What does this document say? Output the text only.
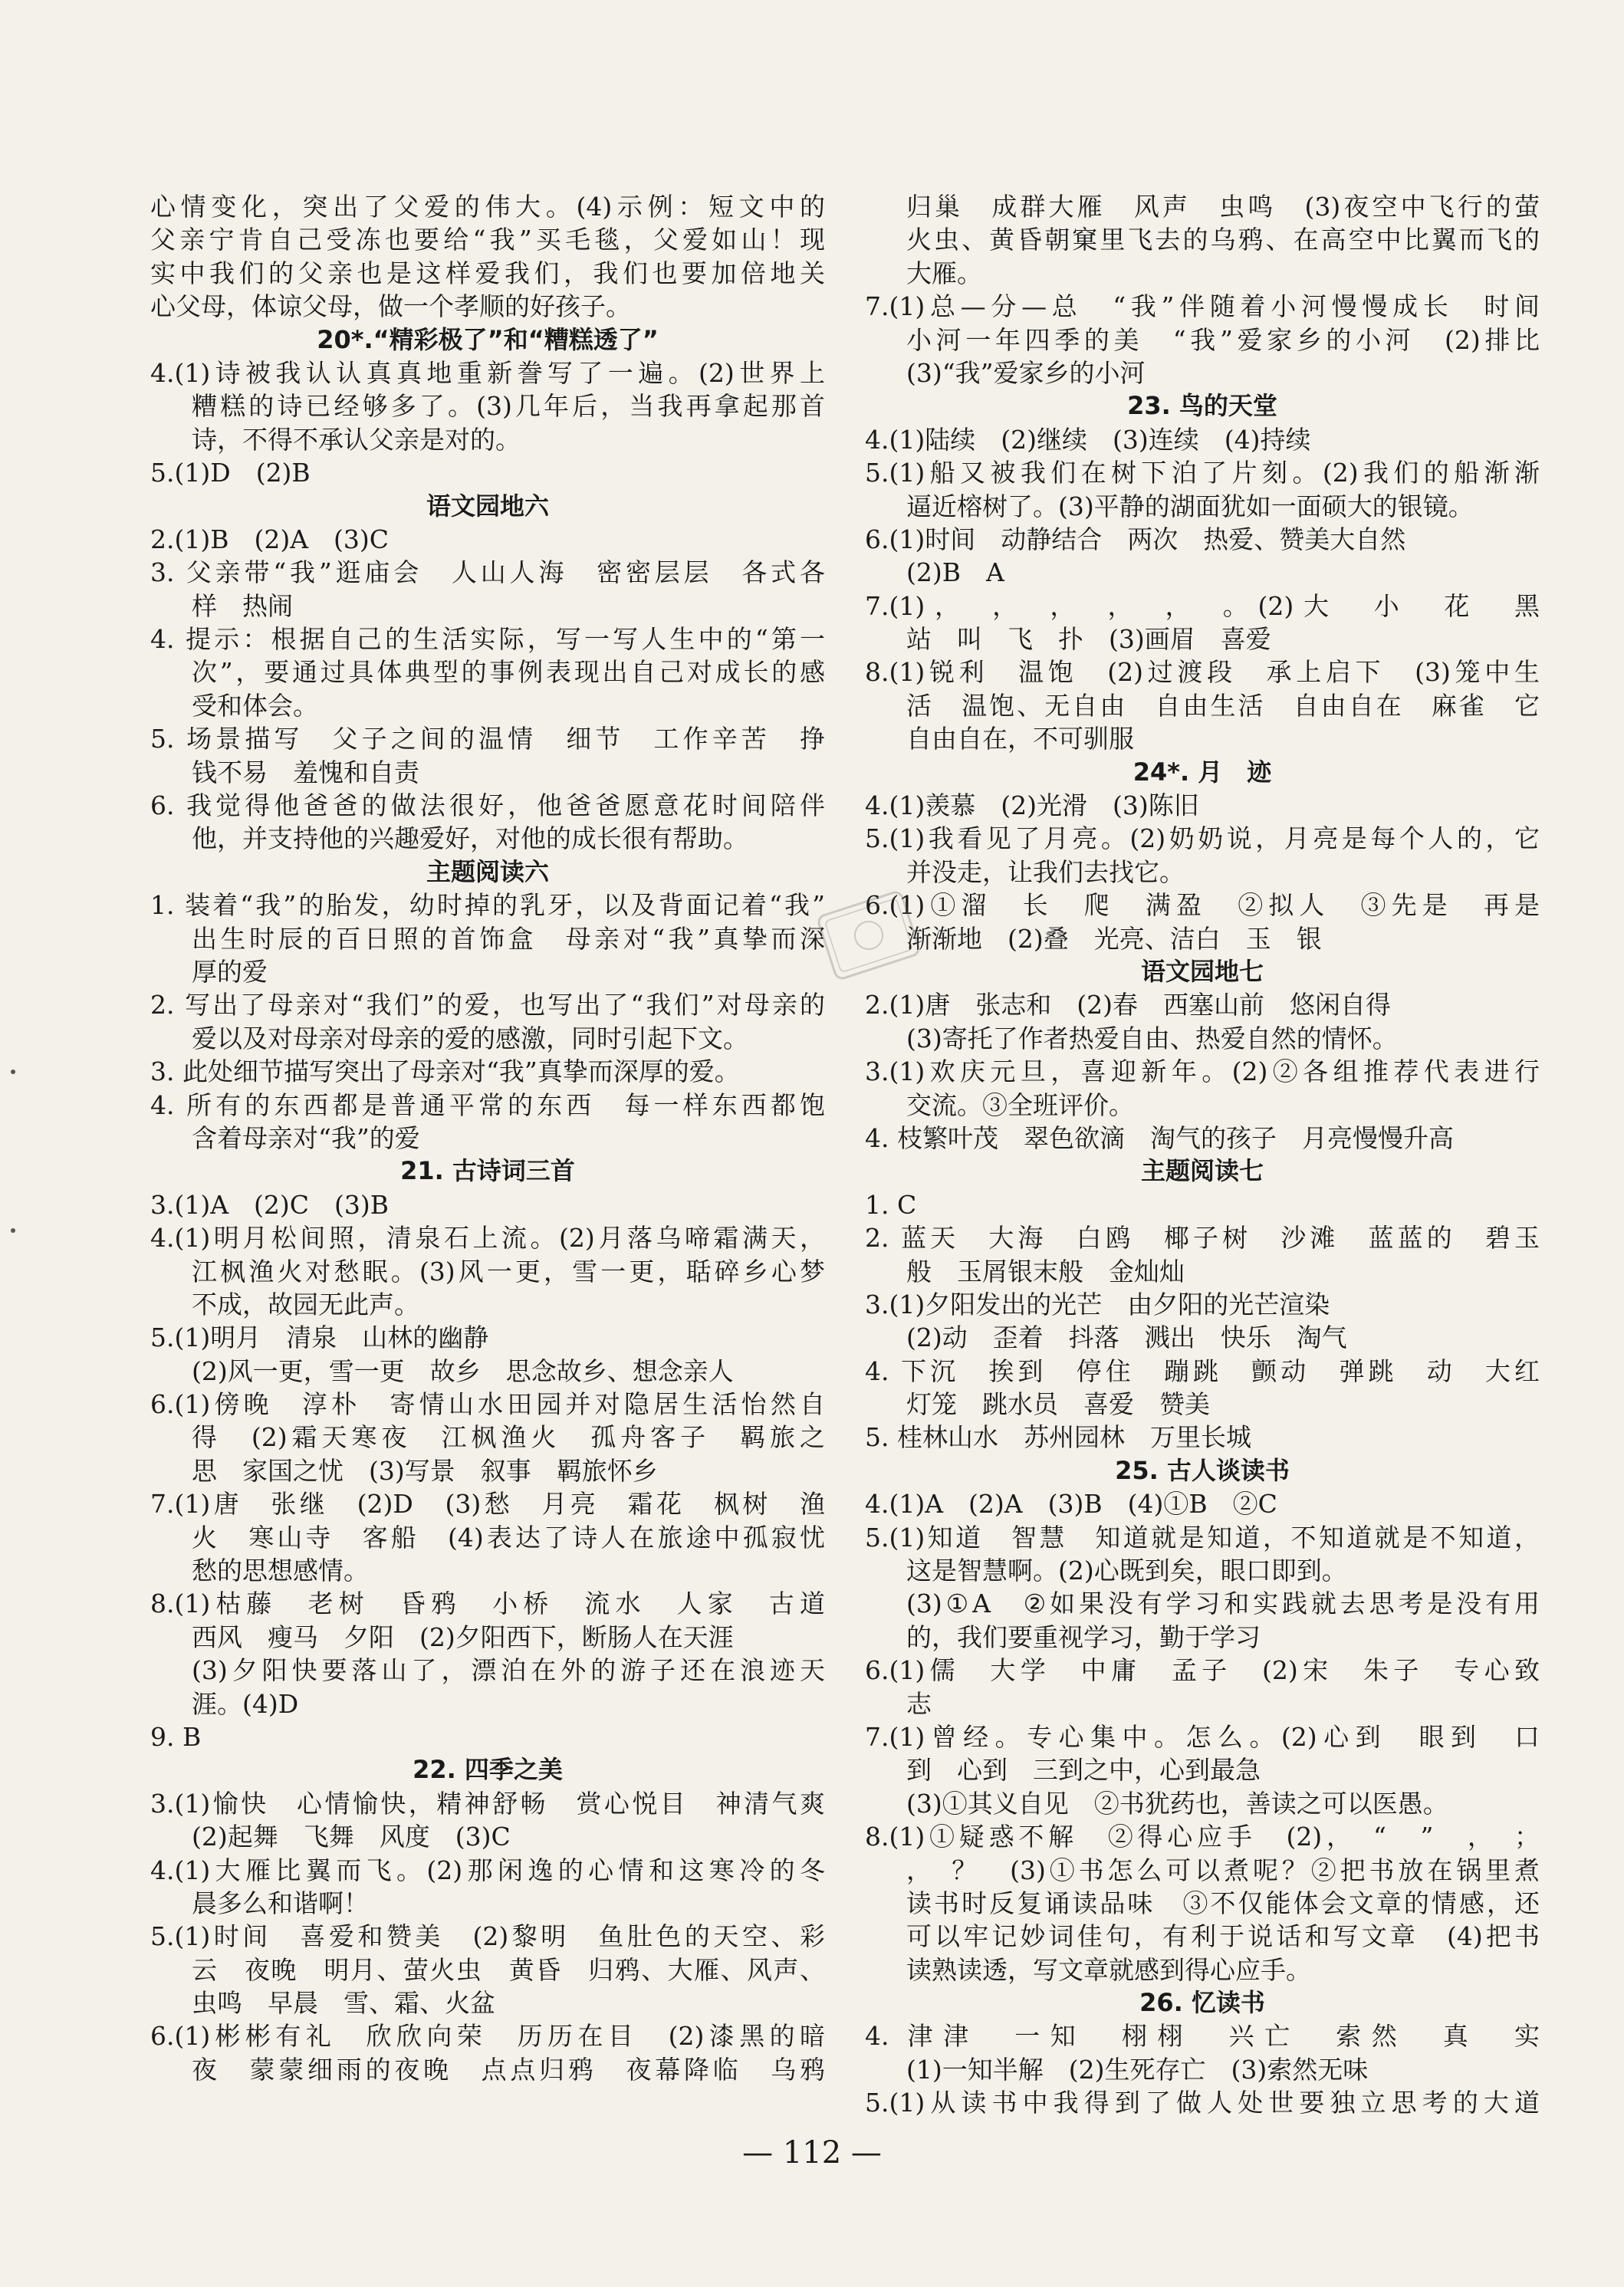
心情变化，突出了父爱的伟大。(4)示例：短文中的
父亲宁肯自己受冻也要给“我”买毛毯，父爱如山！现
实中我们的父亲也是这样爱我们，我们也要加倍地关
心父母，体谅父母，做一个孝顺的好孩子。
20*.“精彩极了”和“糟糕透了”
4.(1)诗被我认认真真地重新誊写了一遍。(2)世界上
糟糕的诗已经够多了。(3)几年后，当我再拿起那首
诗，不得不承认父亲是对的。
5.(1)D　(2)B
语文园地六
2.(1)B　(2)A　(3)C
3. 父亲带“我”逛庙会　人山人海　密密层层　各式各
样　热闹
4. 提示：根据自己的生活实际，写一写人生中的“第一
次”，要通过具体典型的事例表现出自己对成长的感
受和体会。
5. 场景描写　父子之间的温情　细节　工作辛苦　挣
钱不易　羞愧和自责
6. 我觉得他爸爸的做法很好，他爸爸愿意花时间陪伴
他，并支持他的兴趣爱好，对他的成长很有帮助。
主题阅读六
1. 装着“我”的胎发，幼时掉的乳牙，以及背面记着“我”
出生时辰的百日照的首饰盒　母亲对“我”真挚而深
厚的爱
2. 写出了母亲对“我们”的爱，也写出了“我们”对母亲的
爱以及对母亲对母亲的爱的感激，同时引起下文。
3. 此处细节描写突出了母亲对“我”真挚而深厚的爱。
4. 所有的东西都是普通平常的东西　每一样东西都饱
含着母亲对“我”的爱
21. 古诗词三首
3.(1)A　(2)C　(3)B
4.(1)明月松间照，清泉石上流。(2)月落乌啼霜满天，
江枫渔火对愁眠。(3)风一更，雪一更，聒碎乡心梦
不成，故园无此声。
5.(1)明月　清泉　山林的幽静
(2)风一更，雪一更　故乡　思念故乡、想念亲人
6.(1)傍晚　淳朴　寄情山水田园并对隐居生活怡然自
得　(2)霜天寒夜　江枫渔火　孤舟客子　羁旅之
思　家国之忧　(3)写景　叙事　羁旅怀乡
7.(1)唐　张继　(2)D　(3)愁　月亮　霜花　枫树　渔
火　寒山寺　客船　(4)表达了诗人在旅途中孤寂忧
愁的思想感情。
8.(1)枯藤　老树　昏鸦　小桥　流水　人家　古道
西风　瘦马　夕阳　(2)夕阳西下，断肠人在天涯
(3)夕阳快要落山了，漂泊在外的游子还在浪迹天
涯。(4)D
9. B
22. 四季之美
3.(1)愉快　心情愉快，精神舒畅　赏心悦目　神清气爽
(2)起舞　飞舞　风度　(3)C
4.(1)大雁比翼而飞。(2)那闲逸的心情和这寒冷的冬
晨多么和谐啊！
5.(1)时间　喜爱和赞美　(2)黎明　鱼肚色的天空、彩
云　夜晚　明月、萤火虫　黄昏　归鸦、大雁、风声、
虫鸣　早晨　雪、霜、火盆
6.(1)彬彬有礼　欣欣向荣　历历在目　(2)漆黑的暗
夜　蒙蒙细雨的夜晚　点点归鸦　夜幕降临　乌鸦
归巢　成群大雁　风声　虫鸣　(3)夜空中飞行的萤
火虫、黄昏朝窠里飞去的乌鸦、在高空中比翼而飞的
大雁。
7.(1)总—分—总　“我”伴随着小河慢慢成长　时间
小河一年四季的美　“我”爱家乡的小河　(2)排比
(3)“我”爱家乡的小河
23. 鸟的天堂
4.(1)陆续　(2)继续　(3)连续　(4)持续
5.(1)船又被我们在树下泊了片刻。(2)我们的船渐渐
逼近榕树了。(3)平静的湖面犹如一面硕大的银镜。
6.(1)时间　动静结合　两次　热爱、赞美大自然
(2)B　A
7.(1)，　，　，　，　，　。(2)大　小　花　黑
站　叫　飞　扑　(3)画眉　喜爱
8.(1)锐利　温饱　(2)过渡段　承上启下　(3)笼中生
活　温饱、无自由　自由生活　自由自在　麻雀　它
自由自在，不可驯服
24*. 月　迹
4.(1)羡慕　(2)光滑　(3)陈旧
5.(1)我看见了月亮。(2)奶奶说，月亮是每个人的，它
并没走，让我们去找它。
6.(1)①溜　长　爬　满盈　②拟人　③先是　再是
渐渐地　(2)叠　光亮、洁白　玉　银
语文园地七
2.(1)唐　张志和　(2)春　西塞山前　悠闲自得
(3)寄托了作者热爱自由、热爱自然的情怀。
3.(1)欢庆元旦，喜迎新年。(2)②各组推荐代表进行
交流。③全班评价。
4. 枝繁叶茂　翠色欲滴　淘气的孩子　月亮慢慢升高
主题阅读七
1. C
2. 蓝天　大海　白鸥　椰子树　沙滩　蓝蓝的　碧玉
般　玉屑银末般　金灿灿
3.(1)夕阳发出的光芒　由夕阳的光芒渲染
(2)动　歪着　抖落　溅出　快乐　淘气
4. 下沉　挨到　停住　蹦跳　颤动　弹跳　动　大红
灯笼　跳水员　喜爱　赞美
5. 桂林山水　苏州园林　万里长城
25. 古人谈读书
4.(1)A　(2)A　(3)B　(4)①B　②C
5.(1)知道　智慧　知道就是知道，不知道就是不知道，
这是智慧啊。(2)心既到矣，眼口即到。
(3)①A　②如果没有学习和实践就去思考是没有用
的，我们要重视学习，勤于学习
6.(1)儒　大学　中庸　孟子　(2)宋　朱子　专心致
志
7.(1)曾经。专心集中。怎么。(2)心到　眼到　口
到　心到　三到之中，心到最急
(3)①其义自见　②书犹药也，善读之可以医愚。
8.(1)①疑惑不解　②得心应手　(2)，　“　”　，　；
，　？　(3)①书怎么可以煮呢？②把书放在锅里煮
读书时反复诵读品味　③不仅能体会文章的情感，还
可以牢记妙词佳句，有利于说话和写文章　(4)把书
读熟读透，写文章就感到得心应手。
26. 忆读书
4. 津津　一知　栩栩　兴亡　索然　真　实
(1)一知半解　(2)生死存亡　(3)索然无味
5.(1)从读书中我得到了做人处世要独立思考的大道
— 112 —
